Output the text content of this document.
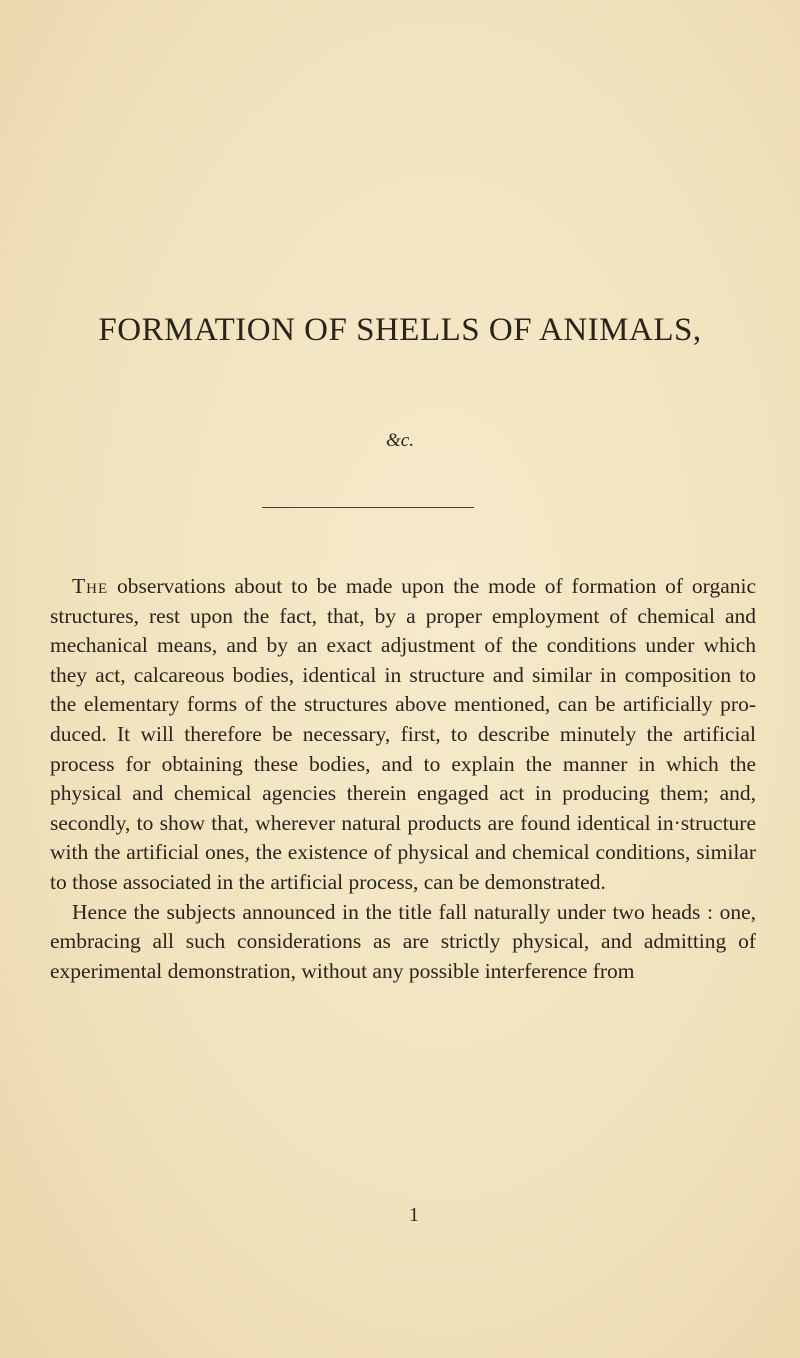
FORMATION OF SHELLS OF ANIMALS,
&c.

The observations about to be made upon the mode of formation of organic structures, rest upon the fact, that, by a proper employment of chemical and mechanical means, and by an exact adjustment of the conditions under which they act, calcareous bodies, identical in structure and similar in composition to the elementary forms of the structures above mentioned, can be artificially produced. It will therefore be necessary, first, to describe minutely the artificial process for obtaining these bodies, and to explain the manner in which the physical and chemical agencies therein engaged act in producing them; and, secondly, to show that, wherever natural products are found identical in·structure with the artificial ones, the existence of physical and chemical conditions, similar to those associated in the artificial process, can be demonstrated.

Hence the subjects announced in the title fall naturally under two heads : one, embracing all such considerations as are strictly physical, and admitting of experimental demonstration, without any possible interference from

1
